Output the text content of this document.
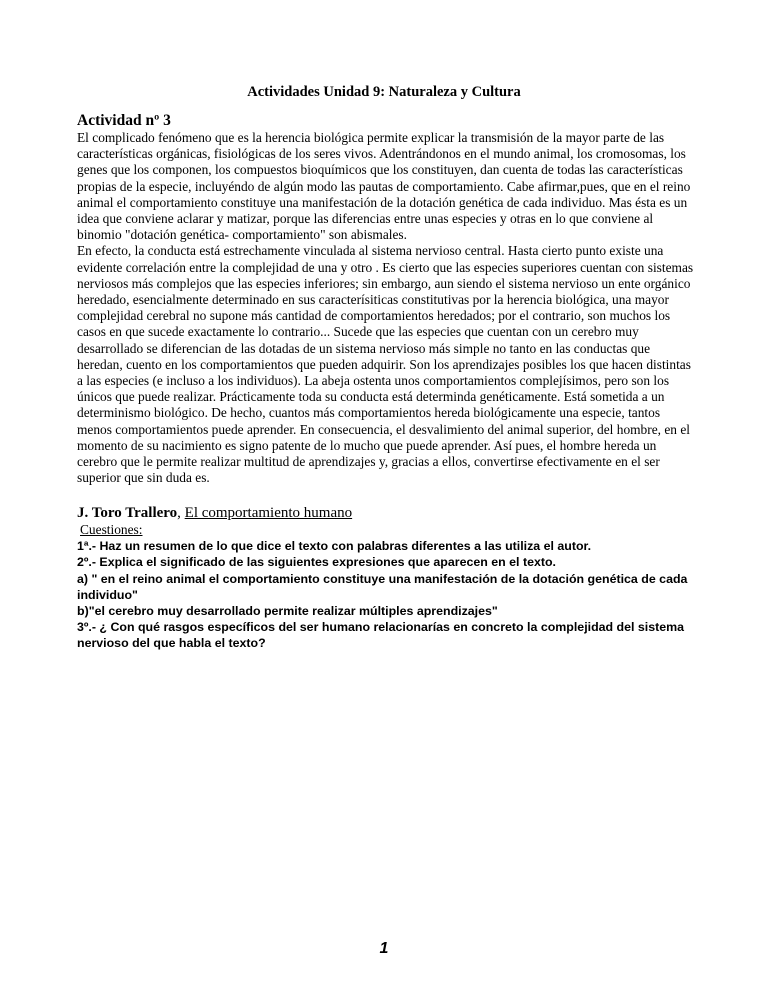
Actividades Unidad 9: Naturaleza y Cultura
Actividad nº 3

El complicado fenómeno que es la herencia biológica permite explicar la transmisión de la mayor parte de las características orgánicas, fisiológicas de los seres vivos. Adentrándonos en el mundo animal, los cromosomas, los genes que los componen, los compuestos bioquímicos que los constituyen, dan cuenta de todas las características propias de la especie, incluyéndo de algún modo las pautas de comportamiento. Cabe afirmar,pues, que en el reino animal el comportamiento constituye una manifestación de la dotación genética de cada individuo. Mas ésta es un idea que conviene aclarar y matizar, porque las diferencias entre unas especies y otras en lo que conviene al binomio "dotación genética- comportamiento" son abismales.

En efecto, la conducta está estrechamente vinculada al sistema nervioso central. Hasta cierto punto existe una evidente correlación entre la complejidad de una y otro . Es cierto que las especies superiores cuentan con sistemas nerviosos más complejos que las especies inferiores; sin embargo, aun siendo el sistema nervioso un ente orgánico heredado, esencialmente determinado en sus caracterísiticas constitutivas por la herencia biológica, una mayor complejidad cerebral no supone más cantidad de comportamientos heredados; por el contrario, son muchos los casos en que sucede exactamente lo contrario... Sucede que las especies que cuentan con un cerebro muy desarrollado se diferencian de las dotadas de un sistema nervioso más simple no tanto en las conductas que heredan, cuento en los comportamientos que pueden adquirir. Son los aprendizajes posibles los que hacen distintas a las especies (e incluso a los individuos). La abeja ostenta unos comportamientos complejísimos, pero son los únicos que puede realizar. Prácticamente toda su conducta está determinda genéticamente. Está sometida a un determinismo biológico. De hecho, cuantos más comportamientos hereda biológicamente una especie, tantos menos comportamientos puede aprender. En consecuencia, el desvalimiento del animal superior, del hombre, en el momento de su nacimiento es signo patente de lo mucho que puede aprender. Así pues, el hombre hereda un cerebro que le permite realizar multitud de aprendizajes y, gracias a ellos, convertirse efectivamente en el ser superior que sin duda es.

J. Toro Trallero, El comportamiento humano
Cuestiones:
1ª.- Haz un resumen de lo que dice el texto con palabras diferentes a las utiliza el autor.
2º.- Explica el significado de las siguientes expresiones que aparecen en el texto.
a) " en el reino animal el comportamiento constituye una manifestación de la dotación genética de cada individuo"
b)"el cerebro muy desarrollado permite realizar múltiples aprendizajes"
3º.- ¿ Con qué rasgos específicos del ser humano relacionarías en concreto la complejidad del sistema nervioso del que habla el texto?
1
